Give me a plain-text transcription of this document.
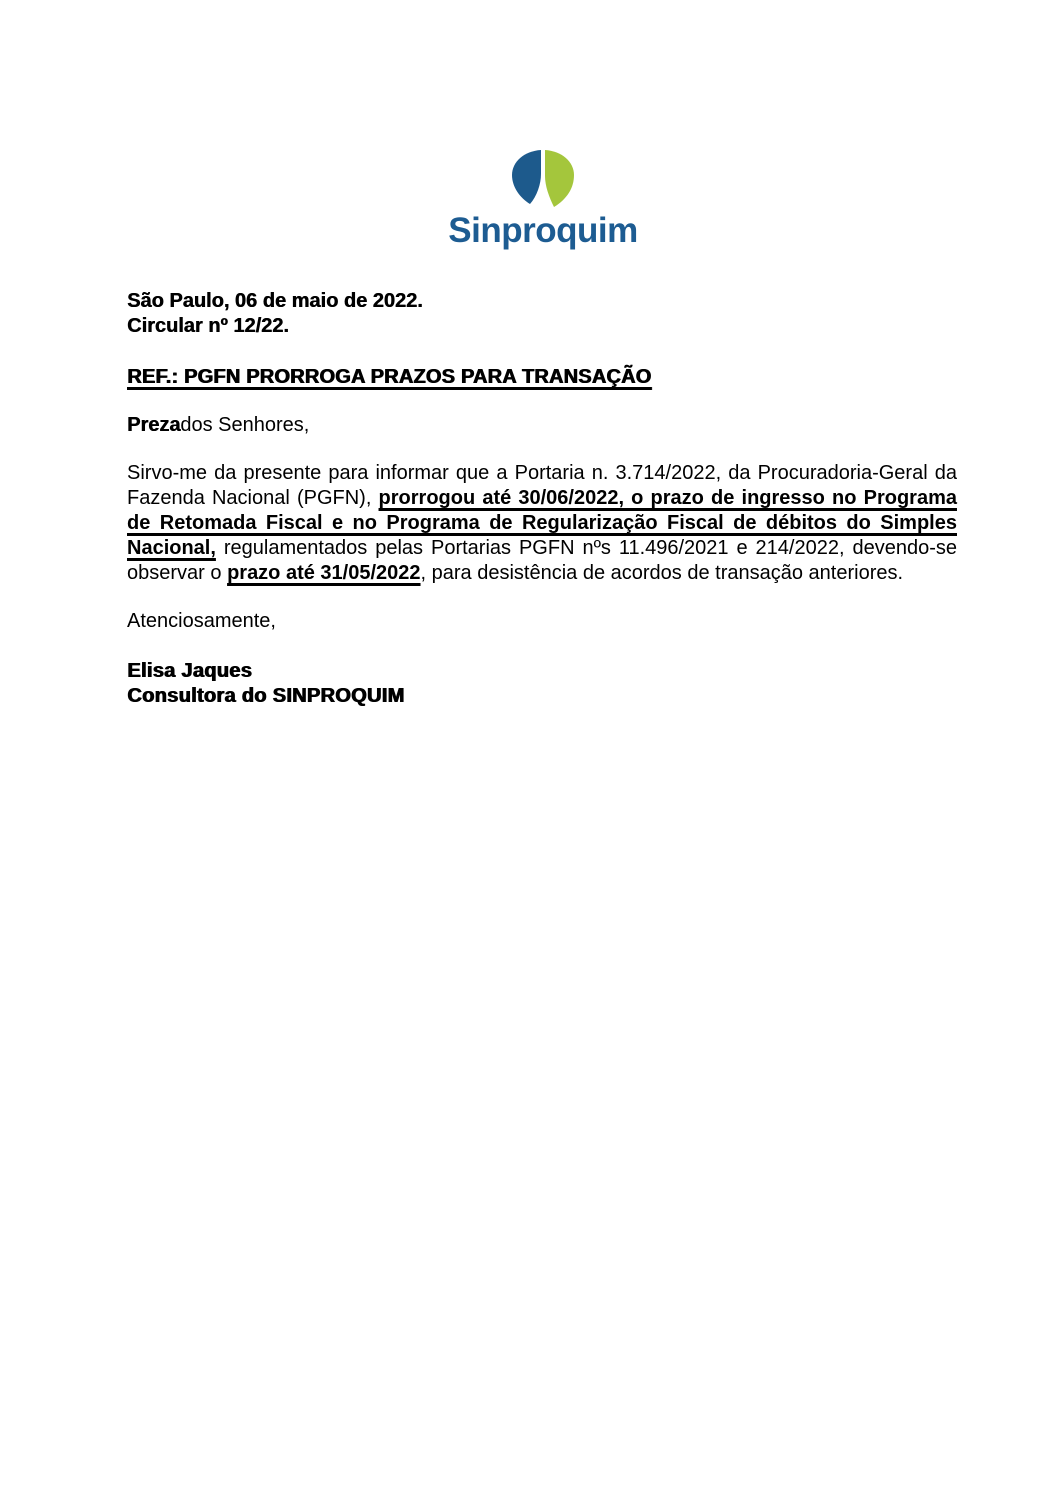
Sinproquim

São Paulo, 06 de maio de 2022.

Circular nº 12/22.

REF.: PGFN PRORROGA PRAZOS PARA TRANSAÇÃO

Prezados Senhores,

Sirvo-me da presente para informar que a Portaria n. 3.714/2022, da Procuradoria-Geral da Fazenda Nacional (PGFN), prorrogou até 30/06/2022, o prazo de ingresso no Programa de Retomada Fiscal e no Programa de Regularização Fiscal de débitos do Simples Nacional, regulamentados pelas Portarias PGFN nºs 11.496/2021 e 214/2022, devendo-se observar o prazo até 31/05/2022, para desistência de acordos de transação anteriores.

Atenciosamente,

Elisa Jaques

Consultora do SINPROQUIM
